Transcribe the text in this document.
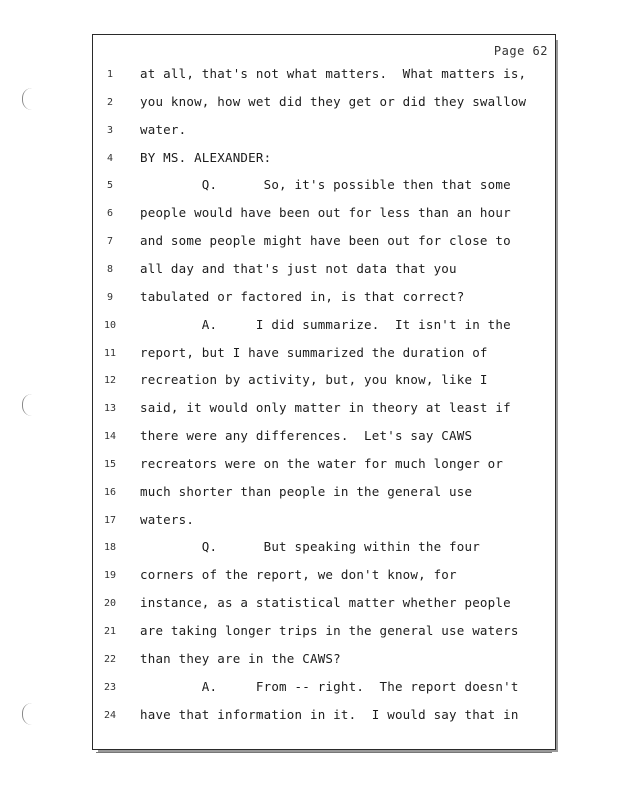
Page 62
1	at all, that's not what matters.  What matters is,
2	you know, how wet did they get or did they swallow
3	water.
4	BY MS. ALEXANDER:
5	Q.      So, it's possible then that some
6	people would have been out for less than an hour
7	and some people might have been out for close to
8	all day and that's just not data that you
9	tabulated or factored in, is that correct?
10	A.     I did summarize.  It isn't in the
11	report, but I have summarized the duration of
12	recreation by activity, but, you know, like I
13	said, it would only matter in theory at least if
14	there were any differences.  Let's say CAWS
15	recreators were on the water for much longer or
16	much shorter than people in the general use
17	waters.
18	Q.      But speaking within the four
19	corners of the report, we don't know, for
20	instance, as a statistical matter whether people
21	are taking longer trips in the general use waters
22	than they are in the CAWS?
23	A.     From -- right.  The report doesn't
24	have that information in it.  I would say that in
